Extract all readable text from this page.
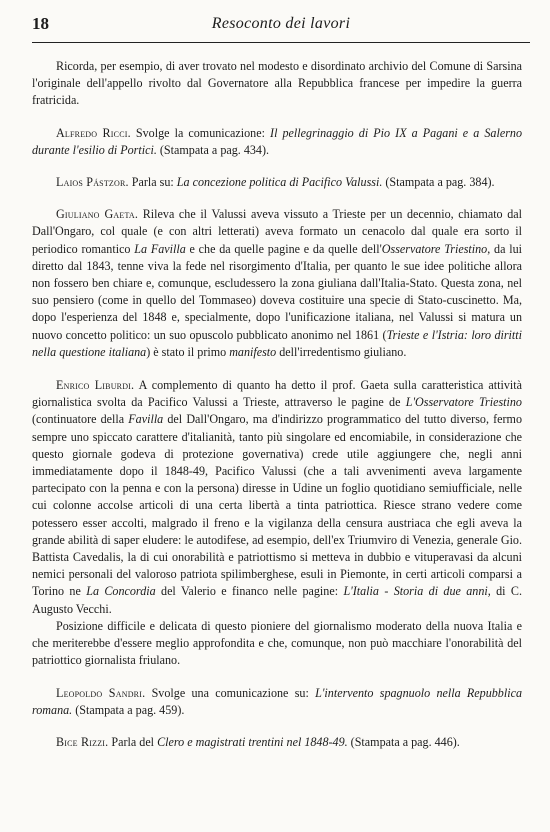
18	Resoconto dei lavori

Ricorda, per esempio, di aver trovato nel modesto e disordinato archivio del Comune di Sarsina l'originale dell'appello rivolto dal Governatore alla Repubblica francese per impedire la guerra fratricida.

Alfredo Ricci. Svolge la comunicazione: Il pellegrinaggio di Pio IX a Pagani e a Salerno durante l'esilio di Portici. (Stampata a pag. 434).

Laios Pástzor. Parla su: La concezione politica di Pacifico Valussi. (Stampata a pag. 384).

Giuliano Gaeta. Rileva che il Valussi aveva vissuto a Trieste per un decennio, chiamato dal Dall'Ongaro, col quale (e con altri letterati) aveva formato un cenacolo dal quale era sorto il periodico romantico La Favilla e che da quelle pagine e da quelle dell'Osservatore Triestino, da lui diretto dal 1843, tenne viva la fede nel risorgimento d'Italia, per quanto le sue idee politiche allora non fossero ben chiare e, comunque, escludessero la zona giuliana dall'Italia-Stato. Questa zona, nel suo pensiero (come in quello del Tommaseo) doveva costituire una specie di Stato-cuscinetto. Ma, dopo l'esperienza del 1848 e, specialmente, dopo l'unificazione italiana, nel Valussi si matura un nuovo concetto politico: un suo opuscolo pubblicato anonimo nel 1861 (Trieste e l'Istria: loro diritti nella questione italiana) è stato il primo manifesto dell'irredentismo giuliano.

Enrico Liburdi. A complemento di quanto ha detto il prof. Gaeta sulla caratteristica attività giornalistica svolta da Pacifico Valussi a Trieste, attraverso le pagine de L'Osservatore Triestino (continuatore della Favilla del Dall'Ongaro, ma d'indirizzo programmatico del tutto diverso, fermo sempre uno spiccato carattere d'italianità, tanto più singolare ed encomiabile, in considerazione che questo giornale godeva di protezione governativa) crede utile aggiungere che, negli anni immediatamente dopo il 1848-49, Pacifico Valussi (che a tali avvenimenti aveva largamente partecipato con la penna e con la persona) diresse in Udine un foglio quotidiano semiufficiale, nelle cui colonne accolse articoli di una certa libertà a tinta patriottica. Riesce strano vedere come potessero esser accolti, malgrado il freno e la vigilanza della censura austriaca che egli aveva la grande abilità di saper eludere: le autodifese, ad esempio, dell'ex Triumviro di Venezia, generale Gio. Battista Cavedalis, la di cui onorabilità e patriottismo si metteva in dubbio e vituperavasi da alcuni nemici personali del valoroso patriota spilimberghese, esuli in Piemonte, in certi articoli comparsi a Torino ne La Concordia del Valerio e financo nelle pagine: L'Italia - Storia di due anni, di C. Augusto Vecchi.

Posizione difficile e delicata di questo pioniere del giornalismo moderato della nuova Italia e che meriterebbe d'essere meglio approfondita e che, comunque, non può macchiare l'onorabilità del patriottico giornalista friulano.

Leopoldo Sandri. Svolge una comunicazione su: L'intervento spagnuolo nella Repubblica romana. (Stampata a pag. 459).

Bice Rizzi. Parla del Clero e magistrati trentini nel 1848-49. (Stampata a pag. 446).
